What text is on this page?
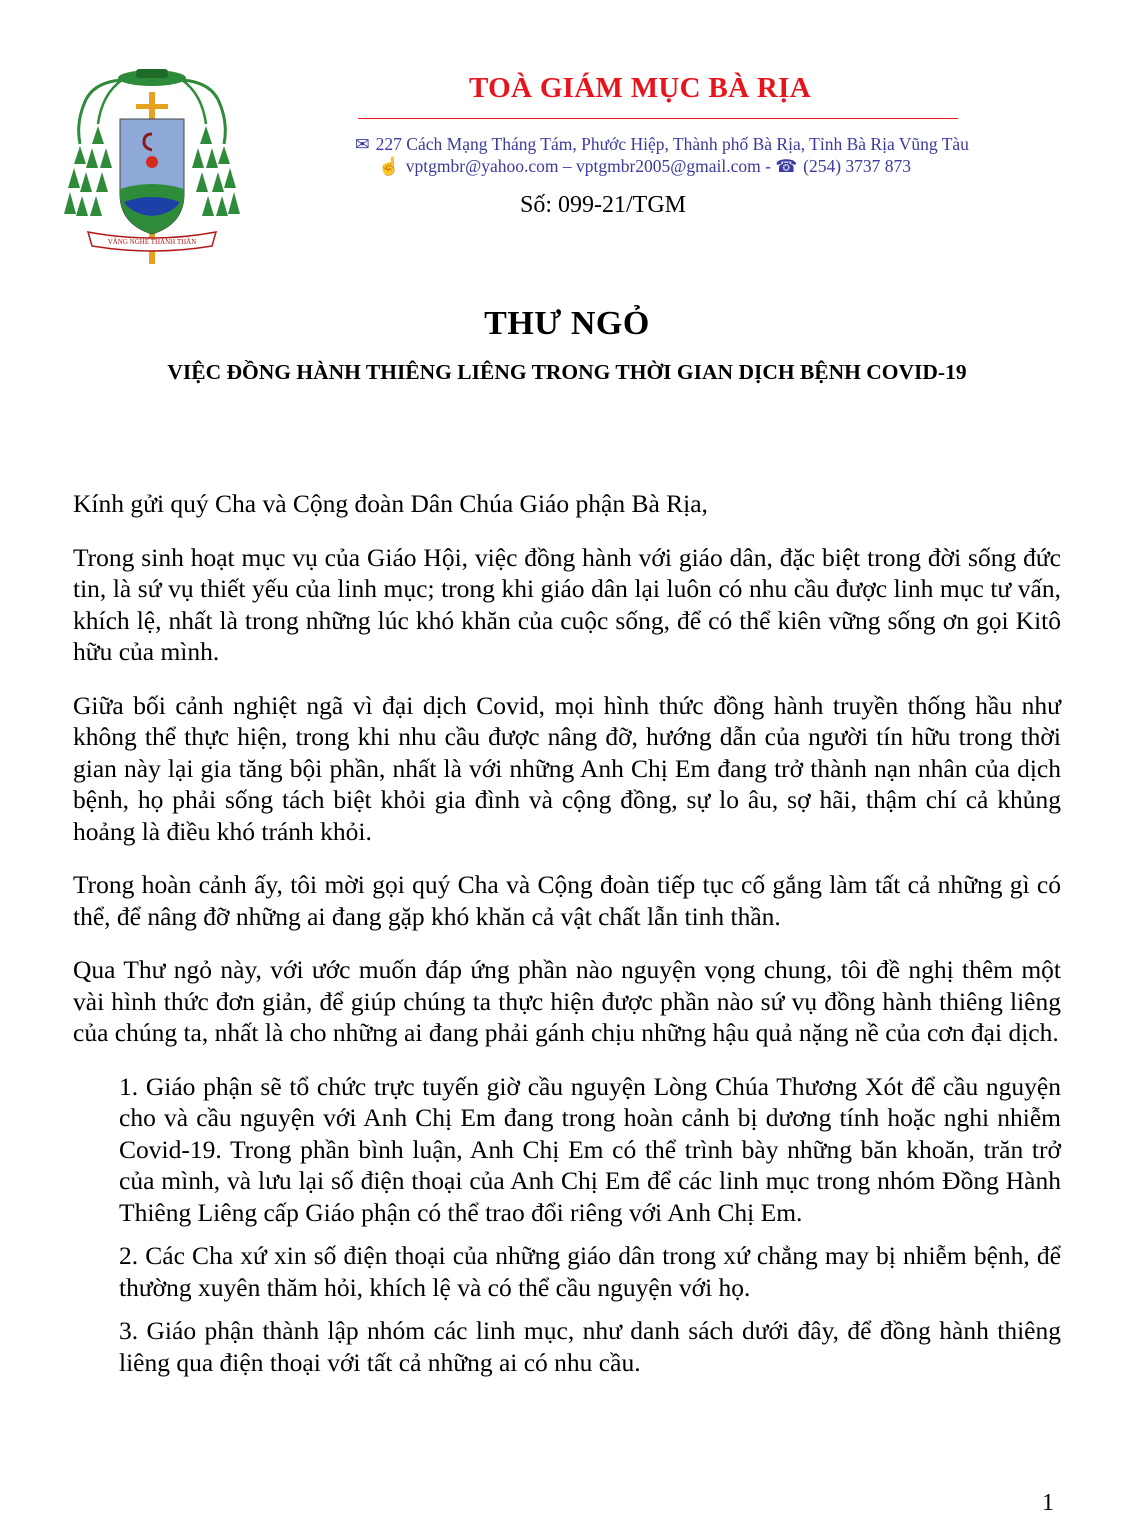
VÂNG NGHE THÁNH THẦN
TOÀ GIÁM MỤC BÀ RỊA
✉ 227 Cách Mạng Tháng Tám, Phước Hiệp, Thành phố Bà Rịa, Tỉnh Bà Rịa Vũng Tàu
☝ vptgmbr@yahoo.com – vptgmbr2005@gmail.com - ☎ (254) 3737 873
Số: 099-21/TGM
THƯ NGỎ
VIỆC ĐỒNG HÀNH THIÊNG LIÊNG TRONG THỜI GIAN DỊCH BỆNH COVID-19

Kính gửi quý Cha và Cộng đoàn Dân Chúa Giáo phận Bà Rịa,

Trong sinh hoạt mục vụ của Giáo Hội, việc đồng hành với giáo dân, đặc biệt trong đời sống đức tin, là sứ vụ thiết yếu của linh mục; trong khi giáo dân lại luôn có nhu cầu được linh mục tư vấn, khích lệ, nhất là trong những lúc khó khăn của cuộc sống, để có thể kiên vững sống ơn gọi Kitô hữu của mình.

Giữa bối cảnh nghiệt ngã vì đại dịch Covid, mọi hình thức đồng hành truyền thống hầu như không thể thực hiện, trong khi nhu cầu được nâng đỡ, hướng dẫn của người tín hữu trong thời gian này lại gia tăng bội phần, nhất là với những Anh Chị Em đang trở thành nạn nhân của dịch bệnh, họ phải sống tách biệt khỏi gia đình và cộng đồng, sự lo âu, sợ hãi, thậm chí cả khủng hoảng là điều khó tránh khỏi.

Trong hoàn cảnh ấy, tôi mời gọi quý Cha và Cộng đoàn tiếp tục cố gắng làm tất cả những gì có thể, để nâng đỡ những ai đang gặp khó khăn cả vật chất lẫn tinh thần.

Qua Thư ngỏ này, với ước muốn đáp ứng phần nào nguyện vọng chung, tôi đề nghị thêm một vài hình thức đơn giản, để giúp chúng ta thực hiện được phần nào sứ vụ đồng hành thiêng liêng của chúng ta, nhất là cho những ai đang phải gánh chịu những hậu quả nặng nề của cơn đại dịch.

1. Giáo phận sẽ tổ chức trực tuyến giờ cầu nguyện Lòng Chúa Thương Xót để cầu nguyện cho và cầu nguyện với Anh Chị Em đang trong hoàn cảnh bị dương tính hoặc nghi nhiễm Covid-19. Trong phần bình luận, Anh Chị Em có thể trình bày những băn khoăn, trăn trở của mình, và lưu lại số điện thoại của Anh Chị Em để các linh mục trong nhóm Đồng Hành Thiêng Liêng cấp Giáo phận có thể trao đổi riêng với Anh Chị Em.

2. Các Cha xứ xin số điện thoại của những giáo dân trong xứ chẳng may bị nhiễm bệnh, để thường xuyên thăm hỏi, khích lệ và có thể cầu nguyện với họ.

3. Giáo phận thành lập nhóm các linh mục, như danh sách dưới đây, để đồng hành thiêng liêng qua điện thoại với tất cả những ai có nhu cầu.

1
